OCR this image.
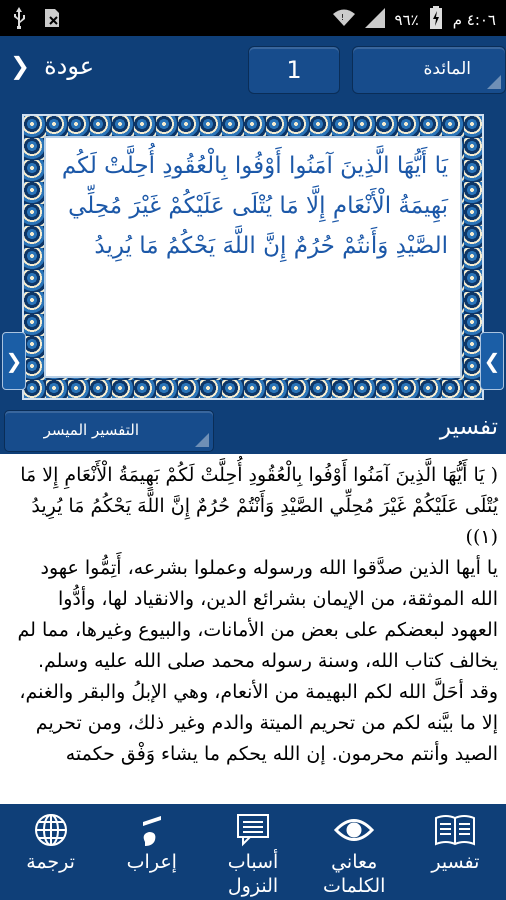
!	٩٦٪ ٤:٠٦ م
❯ عودة	1	المائدة
يَا أَيُّهَا الَّذِينَ آمَنُوا أَوْفُوا بِالْعُقُودِ أُحِلَّتْ لَكُم بَهِيمَةُ الْأَنْعَامِ إِلَّا مَا يُتْلَى عَلَيْكُمْ غَيْرَ مُحِلِّي الصَّيْدِ وَأَنتُمْ حُرُمٌ إِنَّ اللَّهَ يَحْكُمُ مَا يُرِيدُ
❯	❮
التفسير الميسر	تفسير
( يَا أَيُّهَا الَّذِينَ آمَنُوا أَوْفُوا بِالْعُقُودِ أُحِلَّتْ لَكُمْ بَهِيمَةُ الْأَنْعَامِ إِلا مَا يُتْلَى عَلَيْكُمْ غَيْرَ مُحِلِّي الصَّيْدِ وَأَنْتُمْ حُرُمٌ إِنَّ اللَّهَ يَحْكُمُ مَا يُرِيدُ (١))
يا أيها الذين صدَّقوا الله ورسوله وعملوا بشرعه، أَتِمُّوا عهود الله الموثقة، من الإيمان بشرائع الدين، والانقياد لها، وأدُّوا العهود لبعضكم على بعض من الأمانات، والبيوع وغيرها، مما لم يخالف كتاب الله، وسنة رسوله محمد صلى الله عليه وسلم. وقد أحَلَّ الله لكم البهيمة من الأنعام، وهي الإبلُ والبقر والغنم، إلا ما بيَّنه لكم من تحريم الميتة والدم وغير ذلك، ومن تحريم الصيد وأنتم محرمون. إن الله يحكم ما يشاء وَفْق حكمته
ترجمة	إعراب	أسباب النزول
معاني الكلمات
تفسير
